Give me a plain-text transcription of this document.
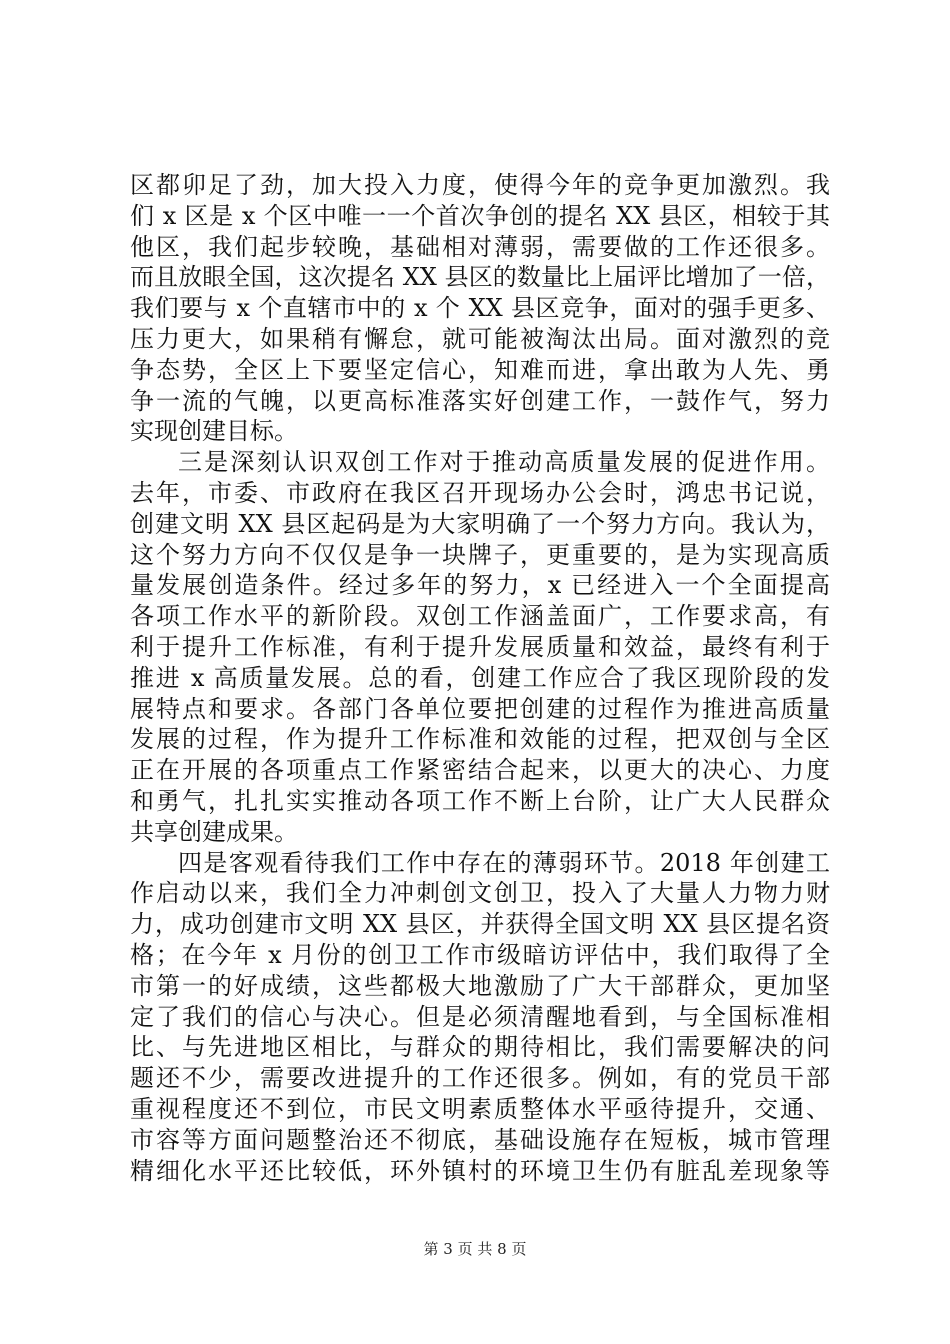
区都卯足了劲，加大投入力度，使得今年的竞争更加激烈。我
们 x 区是 x 个区中唯一一个首次争创的提名 XX 县区，相较于其
他区，我们起步较晚，基础相对薄弱，需要做的工作还很多。
而且放眼全国，这次提名 XX 县区的数量比上届评比增加了一倍，
我们要与 x 个直辖市中的 x 个 XX 县区竞争，面对的强手更多、
压力更大，如果稍有懈怠，就可能被淘汰出局。面对激烈的竞
争态势，全区上下要坚定信心，知难而进，拿出敢为人先、勇
争一流的气魄，以更高标准落实好创建工作，一鼓作气，努力
实现创建目标。
三是深刻认识双创工作对于推动高质量发展的促进作用。
去年，市委、市政府在我区召开现场办公会时，鸿忠书记说，
创建文明 XX 县区起码是为大家明确了一个努力方向。我认为，
这个努力方向不仅仅是争一块牌子，更重要的，是为实现高质
量发展创造条件。经过多年的努力，x 已经进入一个全面提高
各项工作水平的新阶段。双创工作涵盖面广，工作要求高，有
利于提升工作标准，有利于提升发展质量和效益，最终有利于
推进 x 高质量发展。总的看，创建工作应合了我区现阶段的发
展特点和要求。各部门各单位要把创建的过程作为推进高质量
发展的过程，作为提升工作标准和效能的过程，把双创与全区
正在开展的各项重点工作紧密结合起来，以更大的决心、力度
和勇气，扎扎实实推动各项工作不断上台阶，让广大人民群众
共享创建成果。
四是客观看待我们工作中存在的薄弱环节。2018 年创建工
作启动以来，我们全力冲刺创文创卫，投入了大量人力物力财
力，成功创建市文明 XX 县区，并获得全国文明 XX 县区提名资
格；在今年 x 月份的创卫工作市级暗访评估中，我们取得了全
市第一的好成绩，这些都极大地激励了广大干部群众，更加坚
定了我们的信心与决心。但是必须清醒地看到，与全国标准相
比、与先进地区相比，与群众的期待相比，我们需要解决的问
题还不少，需要改进提升的工作还很多。例如，有的党员干部
重视程度还不到位，市民文明素质整体水平亟待提升，交通、
市容等方面问题整治还不彻底，基础设施存在短板，城市管理
精细化水平还比较低，环外镇村的环境卫生仍有脏乱差现象等
第 3 页 共 8 页
